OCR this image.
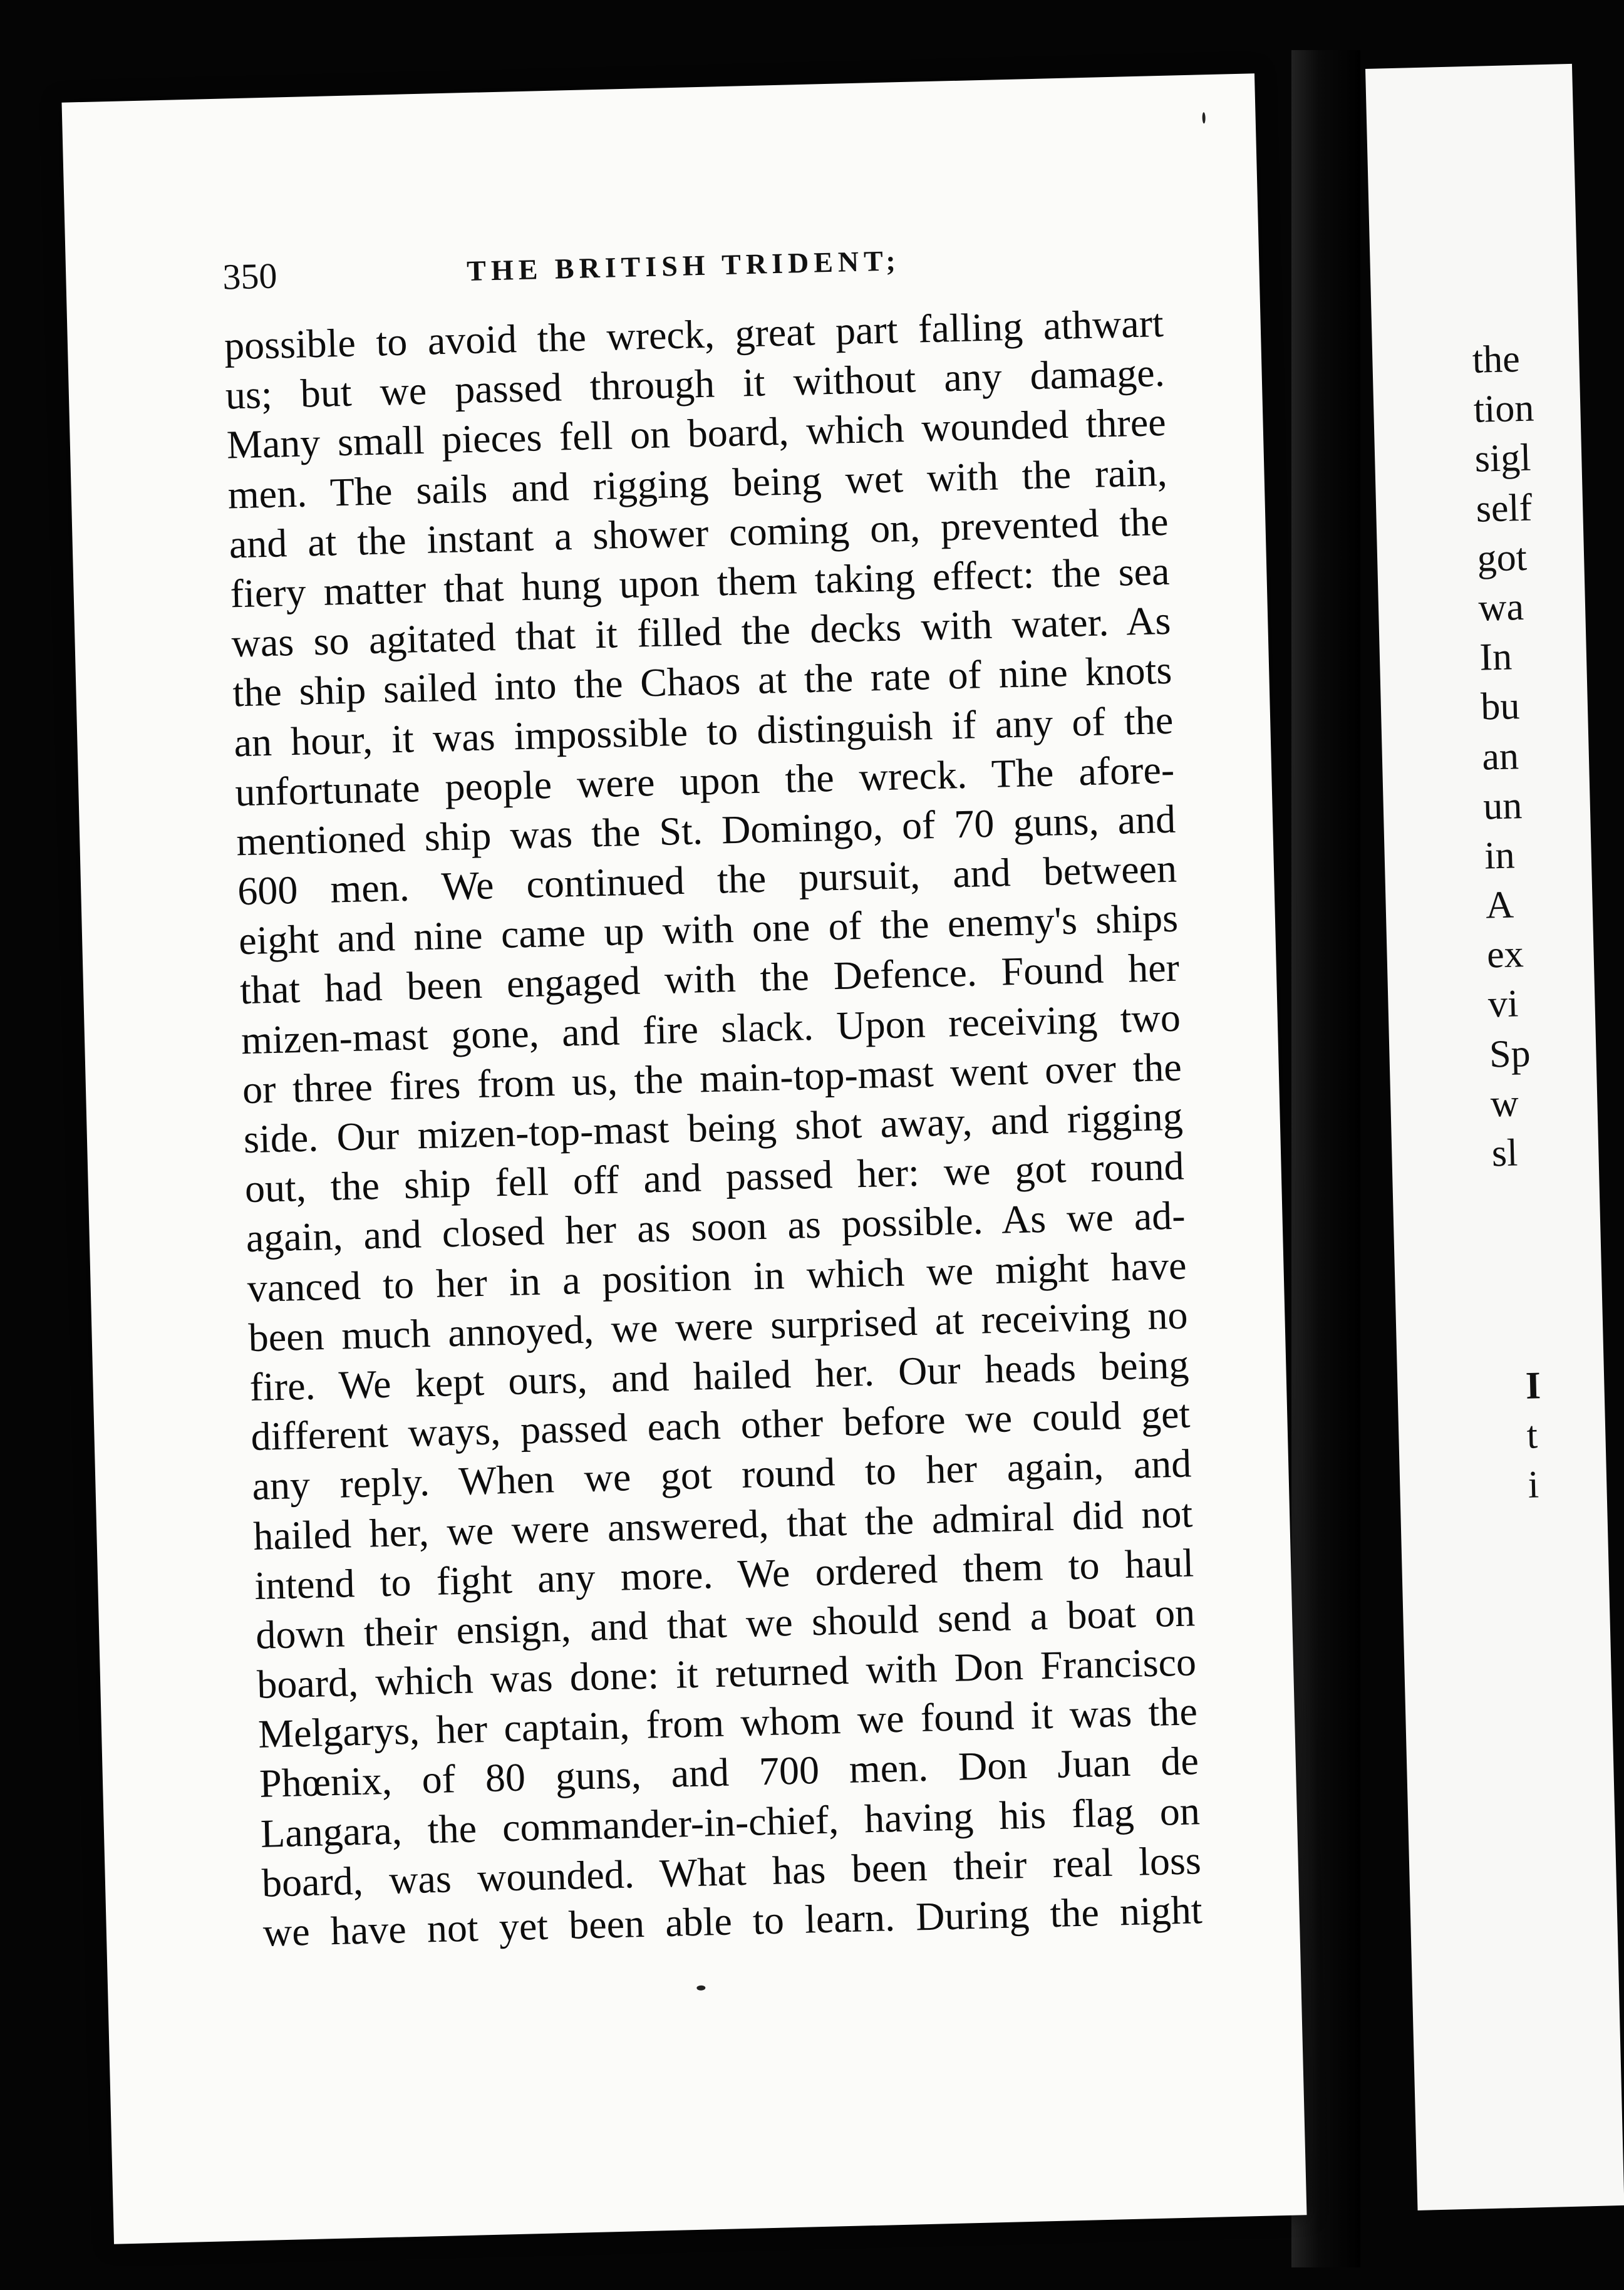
350	THE BRITISH TRIDENT;
possible to avoid the wreck, great part falling athwart
us; but we passed through it without any damage.
Many small pieces fell on board, which wounded three
men. The sails and rigging being wet with the rain,
and at the instant a shower coming on, prevented the
fiery matter that hung upon them taking effect: the sea
was so agitated that it filled the decks with water. As
the ship sailed into the Chaos at the rate of nine knots
an hour, it was impossible to distinguish if any of the
unfortunate people were upon the wreck. The afore-
mentioned ship was the St. Domingo, of 70 guns, and
600 men. We continued the pursuit, and between
eight and nine came up with one of the enemy's ships
that had been engaged with the Defence. Found her
mizen-mast gone, and fire slack. Upon receiving two
or three fires from us, the main-top-mast went over the
side. Our mizen-top-mast being shot away, and rigging
out, the ship fell off and passed her: we got round
again, and closed her as soon as possible. As we ad-
vanced to her in a position in which we might have
been much annoyed, we were surprised at receiving no
fire. We kept ours, and hailed her. Our heads being
different ways, passed each other before we could get
any reply. When we got round to her again, and
hailed her, we were answered, that the admiral did not
intend to fight any more. We ordered them to haul
down their ensign, and that we should send a boat on
board, which was done: it returned with Don Francisco
Melgarys, her captain, from whom we found it was the
Phœnix, of 80 guns, and 700 men. Don Juan de
Langara, the commander-in-chief, having his flag on
board, was wounded. What has been their real loss
we have not yet been able to learn. During the night
the
tion
sigl
self
got
wa
In
bu
an
un
in
A
ex
vi
Sp
w
sl
I
t
i
